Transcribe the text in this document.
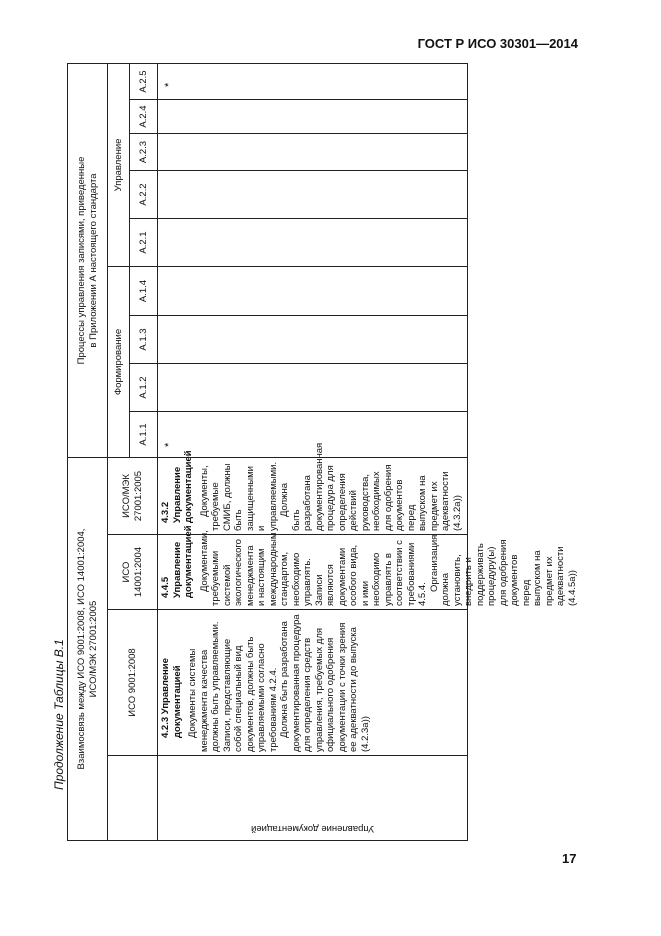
ГОСТ Р ИСО 30301—2014
Продолжение Таблицы В.1 Взаимосвязь между ИСО 9001:2008, ИСО 14001:2004, ИСО/МЭК 27001:2005
Процессы управления записями, приведенные в Приложении А настоящего стандарта
ИСО 9001:2008
ИСО 14001:2004
ИСО/МЭК 27001:2005
Формирование
Управление
А.1.1
А.1.2
А.1.3
А.1.4
А.2.1
А.2.2
А.2.3
А.2.4
А.2.5
Управление документацией
4.2.3 Управление документацией Документы системы менеджмента качества должны быть управляемыми. Записи, представляющие собой специальный вид документов, должны быть управляемыми согласно требованиям 4.2.4. Должна быть разработана документированная процедура для определения средств управления, требуемых для официального одобрения документации с точки зрения ее адекватности до выпуска (4.2.3а))

4.4.5 Управление документацией Документами, требуемыми системой экологического менеджмента и настоящим международным стандартом, необходимо управлять. Записи являются документами особого вида, и ими необходимо управлять в соответствии с требованиями 4.5.4.

Организация должна установить, внедрить и поддерживать процедуру(ы) для одобрения документов перед выпуском на предмет их адекватности (4.4.5а))

4.3.2 Управление документацией Документы, требуемые СМИБ, должны быть защищенными и управляемыми. Должна быть разработана документированная процедура для определения действий руководства, необходимых для одобрения документов перед выпуском на предмет их адекватности (4.3.2а))

*
*
17
